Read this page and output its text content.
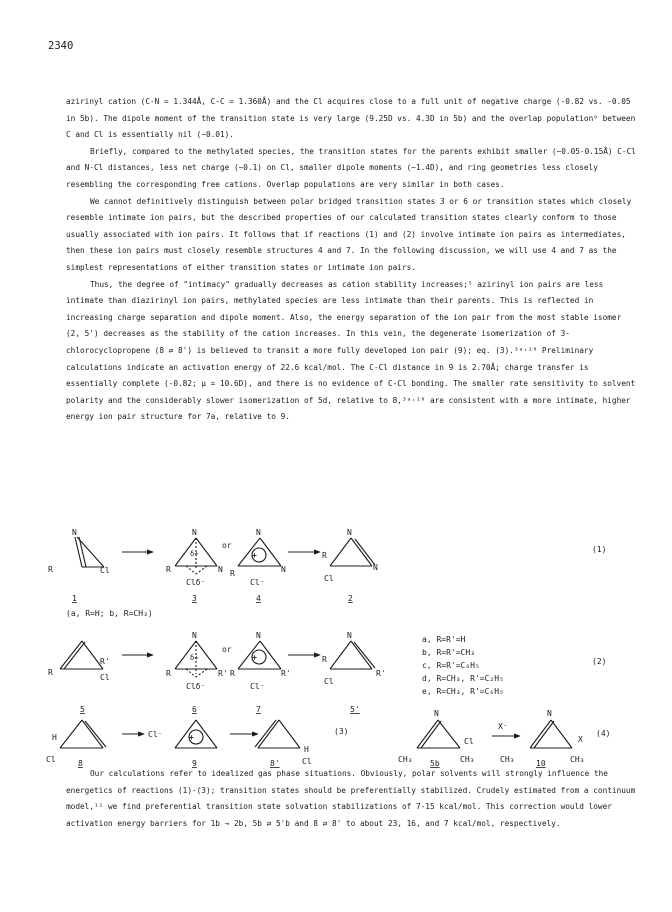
2340

azirinyl cation (C-N = 1.344Å, C-C = 1.360Å) and the Cl acquires close to a full unit of negative charge (-0.82 vs. -0.05 in 5b). The dipole moment of the transition state is very large (9.25D vs. 4.3D in 5b) and the overlap population⁹ between C and Cl is essentially nil (~0.01).

Briefly, compared to the methylated species, the transition states for the parents exhibit smaller (~0.05-0.15Å) C-Cl and N-Cl distances, less net charge (~0.1) on Cl, smaller dipole moments (~1.4D), and ring geometries less closely resembling the corresponding free cations. Overlap populations are very similar in both cases.

We cannot definitively distinguish between polar bridged transition states 3 or 6 or transition states which closely resemble intimate ion pairs, but the described properties of our calculated transition states clearly conform to those usually associated with ion pairs. It follows that if reactions (1) and (2) involve intimate ion pairs as intermediates, then these ion pairs must closely resemble structures 4 and 7. In the following discussion, we will use 4 and 7 as the simplest representations of either transition states or intimate ion pairs.

Thus, the degree of "intimacy" gradually decreases as cation stability increases;⁵ azirinyl ion pairs are less intimate than diazirinyl ion pairs, methylated species are less intimate than their parents. This is reflected in increasing charge separation and dipole moment. Also, the energy separation of the ion pair from the most stable isomer (2, 5') decreases as the stability of the cation increases. In this vein, the degenerate isomerization of 3-chlorocyclopropene (8 ⇄ 8') is believed to transit a more fully developed ion pair (9); eq. (3).³ᵃ˒¹⁰ Preliminary calculations indicate an activation energy of 22.6 kcal/mol. The C-Cl distance in 9 is 2.70Å; charge transfer is essentially complete (-0.82; μ = 10.6D), and there is no evidence of C-Cl bonding. The smaller rate sensitivity to solvent polarity and the considerably slower isomerization of 5d, relative to 8,³ᵃ˒¹⁰ are consistent with a more intimate, higher energy ion pair structure for 7a, relative to 9.

N
R	Cl
N
R	N
δ+
Clδ⁻
or
N
+
R	N
Cl⁻
N
R
N
Cl
(1)
1	3	4	2
(a, R=H; b, R=CH₃)
R
R'
Cl
N
δ+
R	R'
Clδ⁻
or
N
+
R	R'
Cl⁻
N
R
R'
Cl
5	6	7	5'
a, R=R'=H
b, R=R'=CH₃
c, R=R'=C₆H₅
d, R=CH₃, R'=C₂H₅
e, R=CH₃, R'=C₆H₅
(2)
H
Cl
Cl⁻	+
H
Cl
(3)
8	9	8'
N
Cl
CH₃	CH₃
X⁻
N
X
CH₃	CH₃
(4)
5b	10

Our calculations refer to idealized gas phase situations. Obviously, polar solvents will strongly influence the energetics of reactions (1)-(3); transition states should be preferentially stabilized. Crudely estimated from a continuum model,¹¹ we find preferential transition state solvation stabilizations of 7-15 kcal/mol. This correction would lower activation energy barriers for 1b → 2b, 5b ⇄ 5'b and 8 ⇄ 8' to about 23, 16, and 7 kcal/mol, respectively.
